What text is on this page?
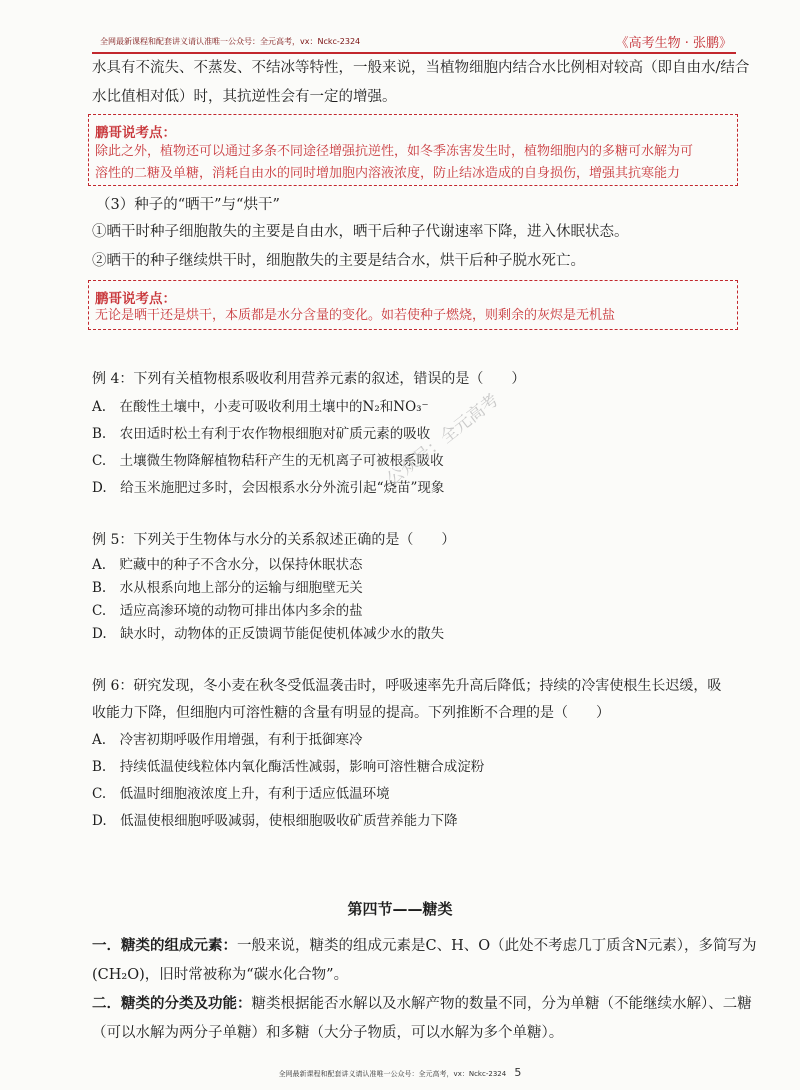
全网最新课程和配套讲义请认准唯一公众号：全元高考，vx：Nckc-2324	《高考生物 · 张鹏》
水具有不流失、不蒸发、不结冰等特性，一般来说，当植物细胞内结合水比例相对较高（即自由水/结合
水比值相对低）时，其抗逆性会有一定的增强。
鹏哥说考点：
除此之外，植物还可以通过多条不同途径增强抗逆性，如冬季冻害发生时，植物细胞内的多糖可水解为可
溶性的二糖及单糖，消耗自由水的同时增加胞内溶液浓度，防止结冰造成的自身损伤，增强其抗寒能力
（3）种子的“晒干”与“烘干”
①晒干时种子细胞散失的主要是自由水，晒干后种子代谢速率下降，进入休眠状态。
②晒干的种子继续烘干时，细胞散失的主要是结合水，烘干后种子脱水死亡。
鹏哥说考点：
无论是晒干还是烘干，本质都是水分含量的变化。如若使种子燃烧，则剩余的灰烬是无机盐
例 4：下列有关植物根系吸收利用营养元素的叙述，错误的是（　　）
A.　在酸性土壤中，小麦可吸收利用土壤中的N₂和NO₃⁻
B.　农田适时松土有利于农作物根细胞对矿质元素的吸收
C.　土壤微生物降解植物秸秆产生的无机离子可被根系吸收
D.　给玉米施肥过多时，会因根系水分外流引起“烧苗”现象
公众号：全元高考
例 5：下列关于生物体与水分的关系叙述正确的是（　　）
A.　贮藏中的种子不含水分，以保持休眠状态
B.　水从根系向地上部分的运输与细胞壁无关
C.　适应高渗环境的动物可排出体内多余的盐
D.　缺水时，动物体的正反馈调节能促使机体减少水的散失
例 6：研究发现，冬小麦在秋冬受低温袭击时，呼吸速率先升高后降低；持续的冷害使根生长迟缓，吸
收能力下降，但细胞内可溶性糖的含量有明显的提高。下列推断不合理的是（　　）
A.　冷害初期呼吸作用增强，有利于抵御寒冷
B.　持续低温使线粒体内氧化酶活性减弱，影响可溶性糖合成淀粉
C.　低温时细胞液浓度上升，有利于适应低温环境
D.　低温使根细胞呼吸减弱，使根细胞吸收矿质营养能力下降
第四节——糖类
一．糖类的组成元素：一般来说，糖类的组成元素是C、H、O（此处不考虑几丁质含N元素），多简写为
(CH₂O)，旧时常被称为“碳水化合物”。
二．糖类的分类及功能：糖类根据能否水解以及水解产物的数量不同，分为单糖（不能继续水解）、二糖
（可以水解为两分子单糖）和多糖（大分子物质，可以水解为多个单糖）。
全网最新课程和配套讲义请认准唯一公众号：全元高考，vx：Nckc-2324 5
